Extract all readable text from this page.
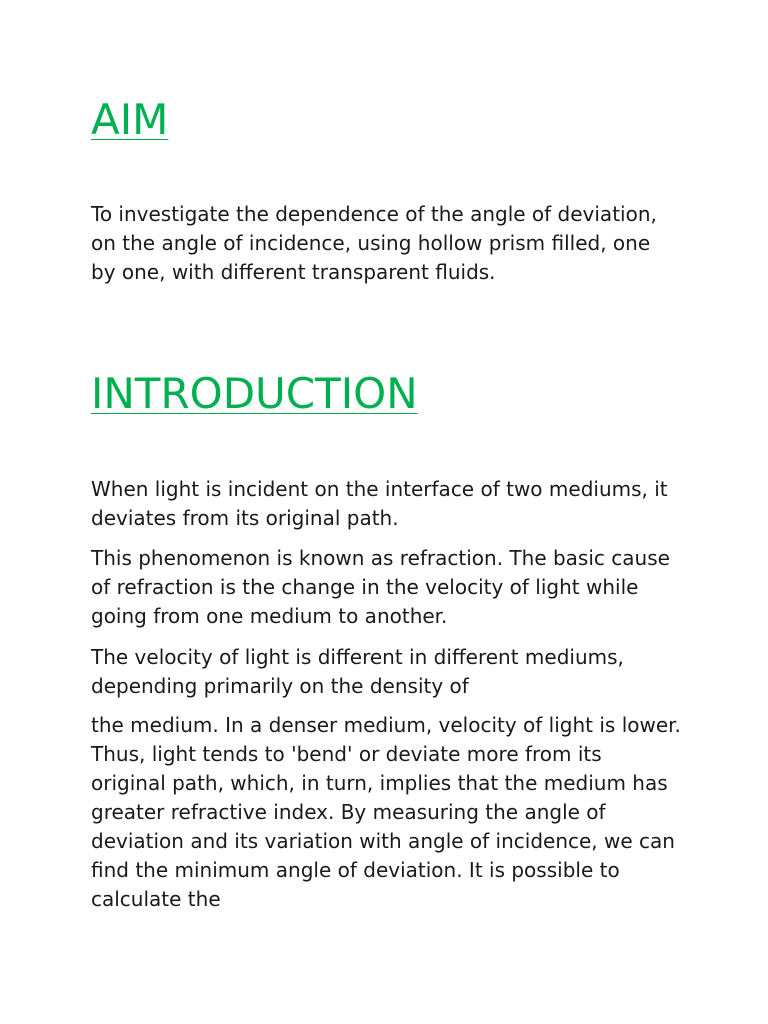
AIM

To investigate the dependence of the angle of deviation, on the angle of incidence, using hollow prism filled, one by one, with different transparent fluids.

INTRODUCTION

When light is incident on the interface of two mediums, it deviates from its original path.

This phenomenon is known as refraction. The basic cause of refraction is the change in the velocity of light while going from one medium to another.

The velocity of light is different in different mediums, depending primarily on the density of

the medium. In a denser medium, velocity of light is lower. Thus, light tends to 'bend' or deviate more from its original path, which, in turn, implies that the medium has greater refractive index. By measuring the angle of deviation and its variation with angle of incidence, we can find the minimum angle of deviation. It is possible to calculate the
